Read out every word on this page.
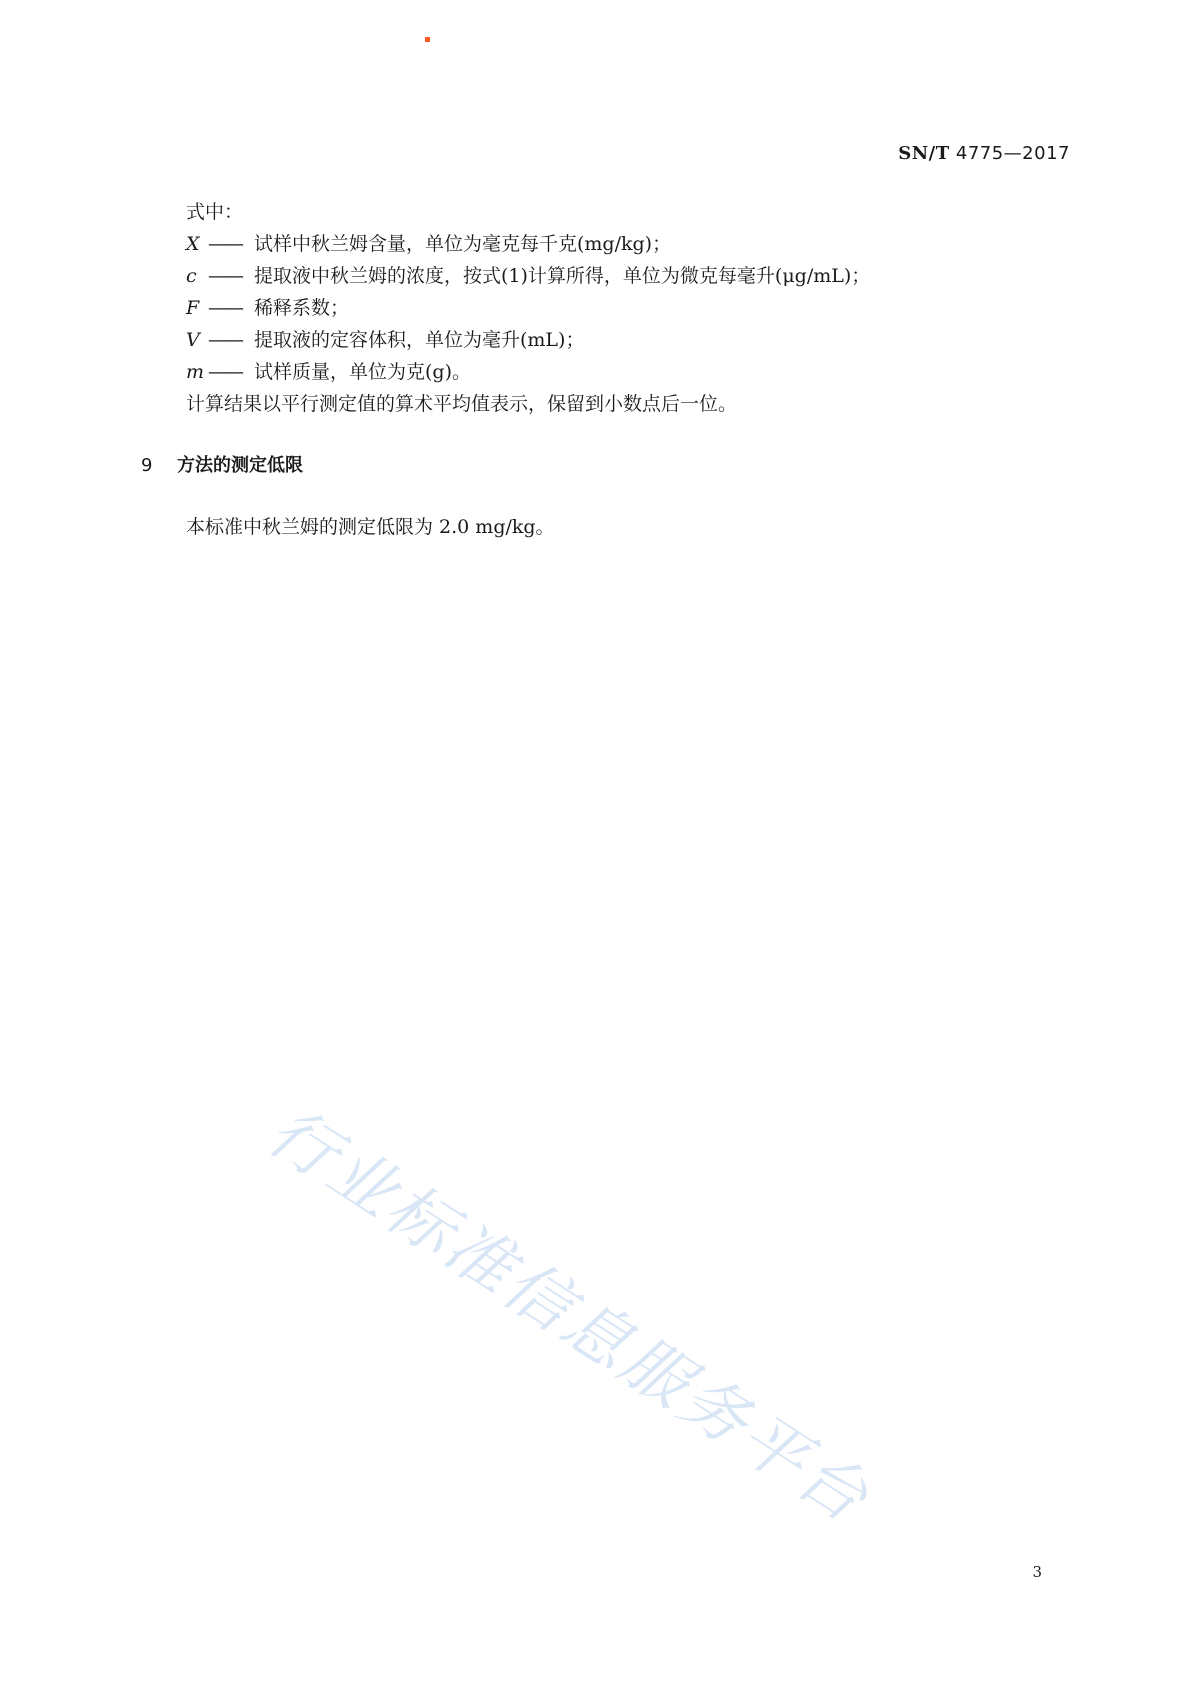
SN/T 4775—2017
式中：
X —— 试样中秋兰姆含量，单位为毫克每千克(mg/kg)；
c —— 提取液中秋兰姆的浓度，按式(1)计算所得，单位为微克每毫升(μg/mL)；
F —— 稀释系数；
V —— 提取液的定容体积，单位为毫升(mL)；
m —— 试样质量，单位为克(g)。
计算结果以平行测定值的算术平均值表示，保留到小数点后一位。
9 方法的测定低限
本标准中秋兰姆的测定低限为 2.0 mg/kg。
行业标准信息服务平台
3
